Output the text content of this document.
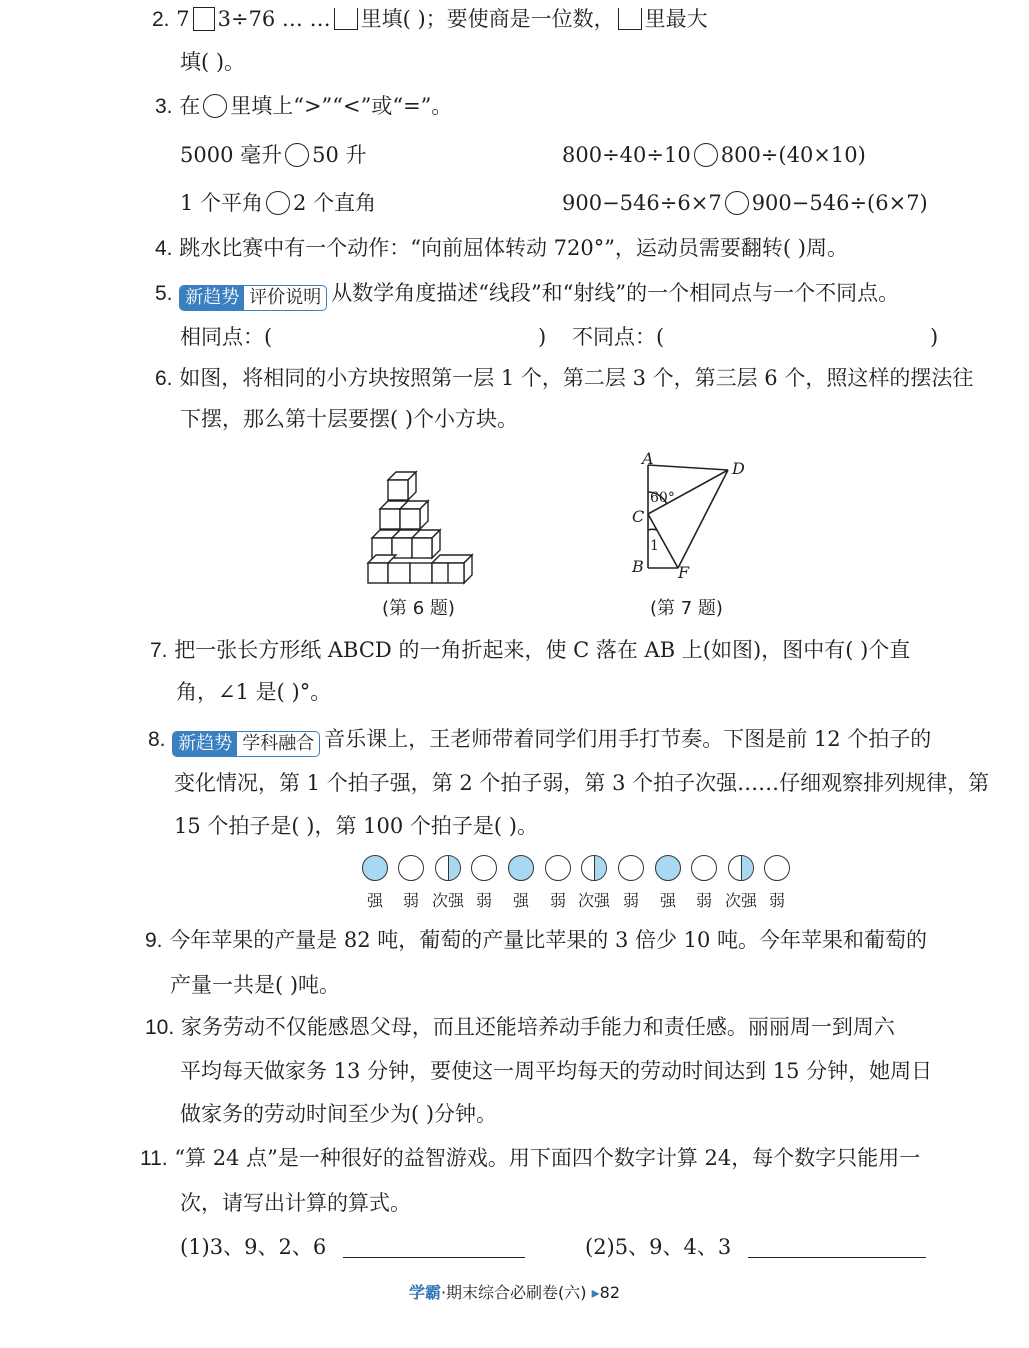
2. 7 3÷76 … … 里填( )；要使商是一位数， 里最大
填( )。
3. 在 里填上“>”“<”或“=”。
5000 毫升 50 升	800÷40÷10 800÷(40×10)
1 个平角 2 个直角	900−546÷6×7 900−546÷(6×7)
4. 跳水比赛中有一个动作：“向前屈体转动 720°”，运动员需要翻转( )周。
5. 新趋势 评价说明 从数学角度描述“线段”和“射线”的一个相同点与一个不同点。
相同点：(	) 不同点：(	)
6. 如图，将相同的小方块按照第一层 1 个，第二层 3 个，第三层 6 个，照这样的摆法往
下摆，那么第十层要摆( )个小方块。
(第 6 题)
A
D
C
B F
60°
1
(第 7 题)
7. 把一张长方形纸 ABCD 的一角折起来，使 C 落在 AB 上(如图)，图中有( )个直
角，∠1 是( )°。
8. 新趋势 学科融合 音乐课上，王老师带着同学们用手打节奏。下图是前 12 个拍子的
变化情况，第 1 个拍子强，第 2 个拍子弱，第 3 个拍子次强……仔细观察排列规律，第
15 个拍子是( )，第 100 个拍子是( )。
强	弱 次强 弱	强	弱 次强 弱	强	弱 次强 弱
9. 今年苹果的产量是 82 吨，葡萄的产量比苹果的 3 倍少 10 吨。今年苹果和葡萄的
产量一共是( )吨。
10. 家务劳动不仅能感恩父母，而且还能培养动手能力和责任感。丽丽周一到周六
平均每天做家务 13 分钟，要使这一周平均每天的劳动时间达到 15 分钟，她周日
做家务的劳动时间至少为( )分钟。
11. “算 24 点”是一种很好的益智游戏。用下面四个数字计算 24，每个数字只能用一
次，请写出计算的算式。
(1)3、9、2、6	(2)5、9、4、3
学霸·期末综合必刷卷(六) ▸82
